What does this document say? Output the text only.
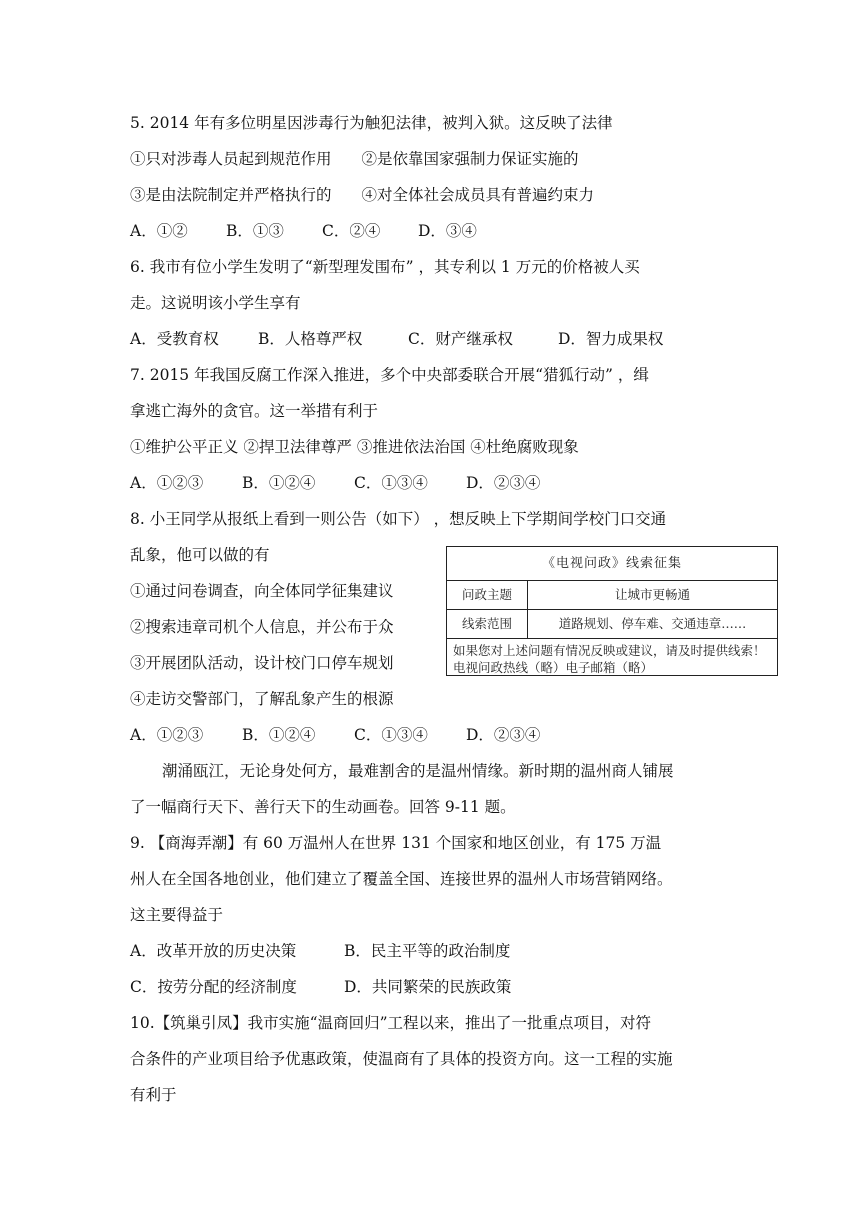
5. 2014 年有多位明星因涉毒行为触犯法律，被判入狱。这反映了法律

①只对涉毒人员起到规范作用 ②是依靠国家强制力保证实施的

③是由法院制定并严格执行的 ④对全体社会成员具有普遍约束力

A．①② B．①③ C．②④ D．③④

6. 我市有位小学生发明了“新型理发围布” ，其专利以 1 万元的价格被人买

走。这说明该小学生享有

A．受教育权	B．人格尊严权	C．财产继承权	D．智力成果权

7. 2015 年我国反腐工作深入推进，多个中央部委联合开展“猎狐行动” ，缉

拿逃亡海外的贪官。这一举措有利于

①维护公平正义 ②捍卫法律尊严 ③推进依法治国 ④杜绝腐败现象

A．①②③	B．①②④ C．①③④ D．②③④

8. 小王同学从报纸上看到一则公告（如下） ，想反映上下学期间学校门口交通

乱象，他可以做的有

①通过问卷调查，向全体同学征集建议

②搜索违章司机个人信息，并公布于众

③开展团队活动，设计校门口停车规划

④走访交警部门，了解乱象产生的根源

A．①②③	B．①②④ C．①③④ D．②③④

《电视问政》线索征集
问政主题	让城市更畅通
线索范围	道路规划、停车难、交通违章……
如果您对上述问题有情况反映或建议，请及时提供线索！电视问政热线（略）电子邮箱（略）

潮涌瓯江，无论身处何方，最难割舍的是温州情缘。新时期的温州商人铺展

了一幅商行天下、善行天下的生动画卷。回答 9-11 题。

9. 【商海弄潮】有 60 万温州人在世界 131 个国家和地区创业，有 175 万温

州人在全国各地创业，他们建立了覆盖全国、连接世界的温州人市场营销网络。

这主要得益于

A．改革开放的历史决策	B．民主平等的政治制度

C．按劳分配的经济制度	D．共同繁荣的民族政策

10.【筑巢引凤】我市实施“温商回归”工程以来，推出了一批重点项目，对符

合条件的产业项目给予优惠政策，使温商有了具体的投资方向。这一工程的实施

有利于
